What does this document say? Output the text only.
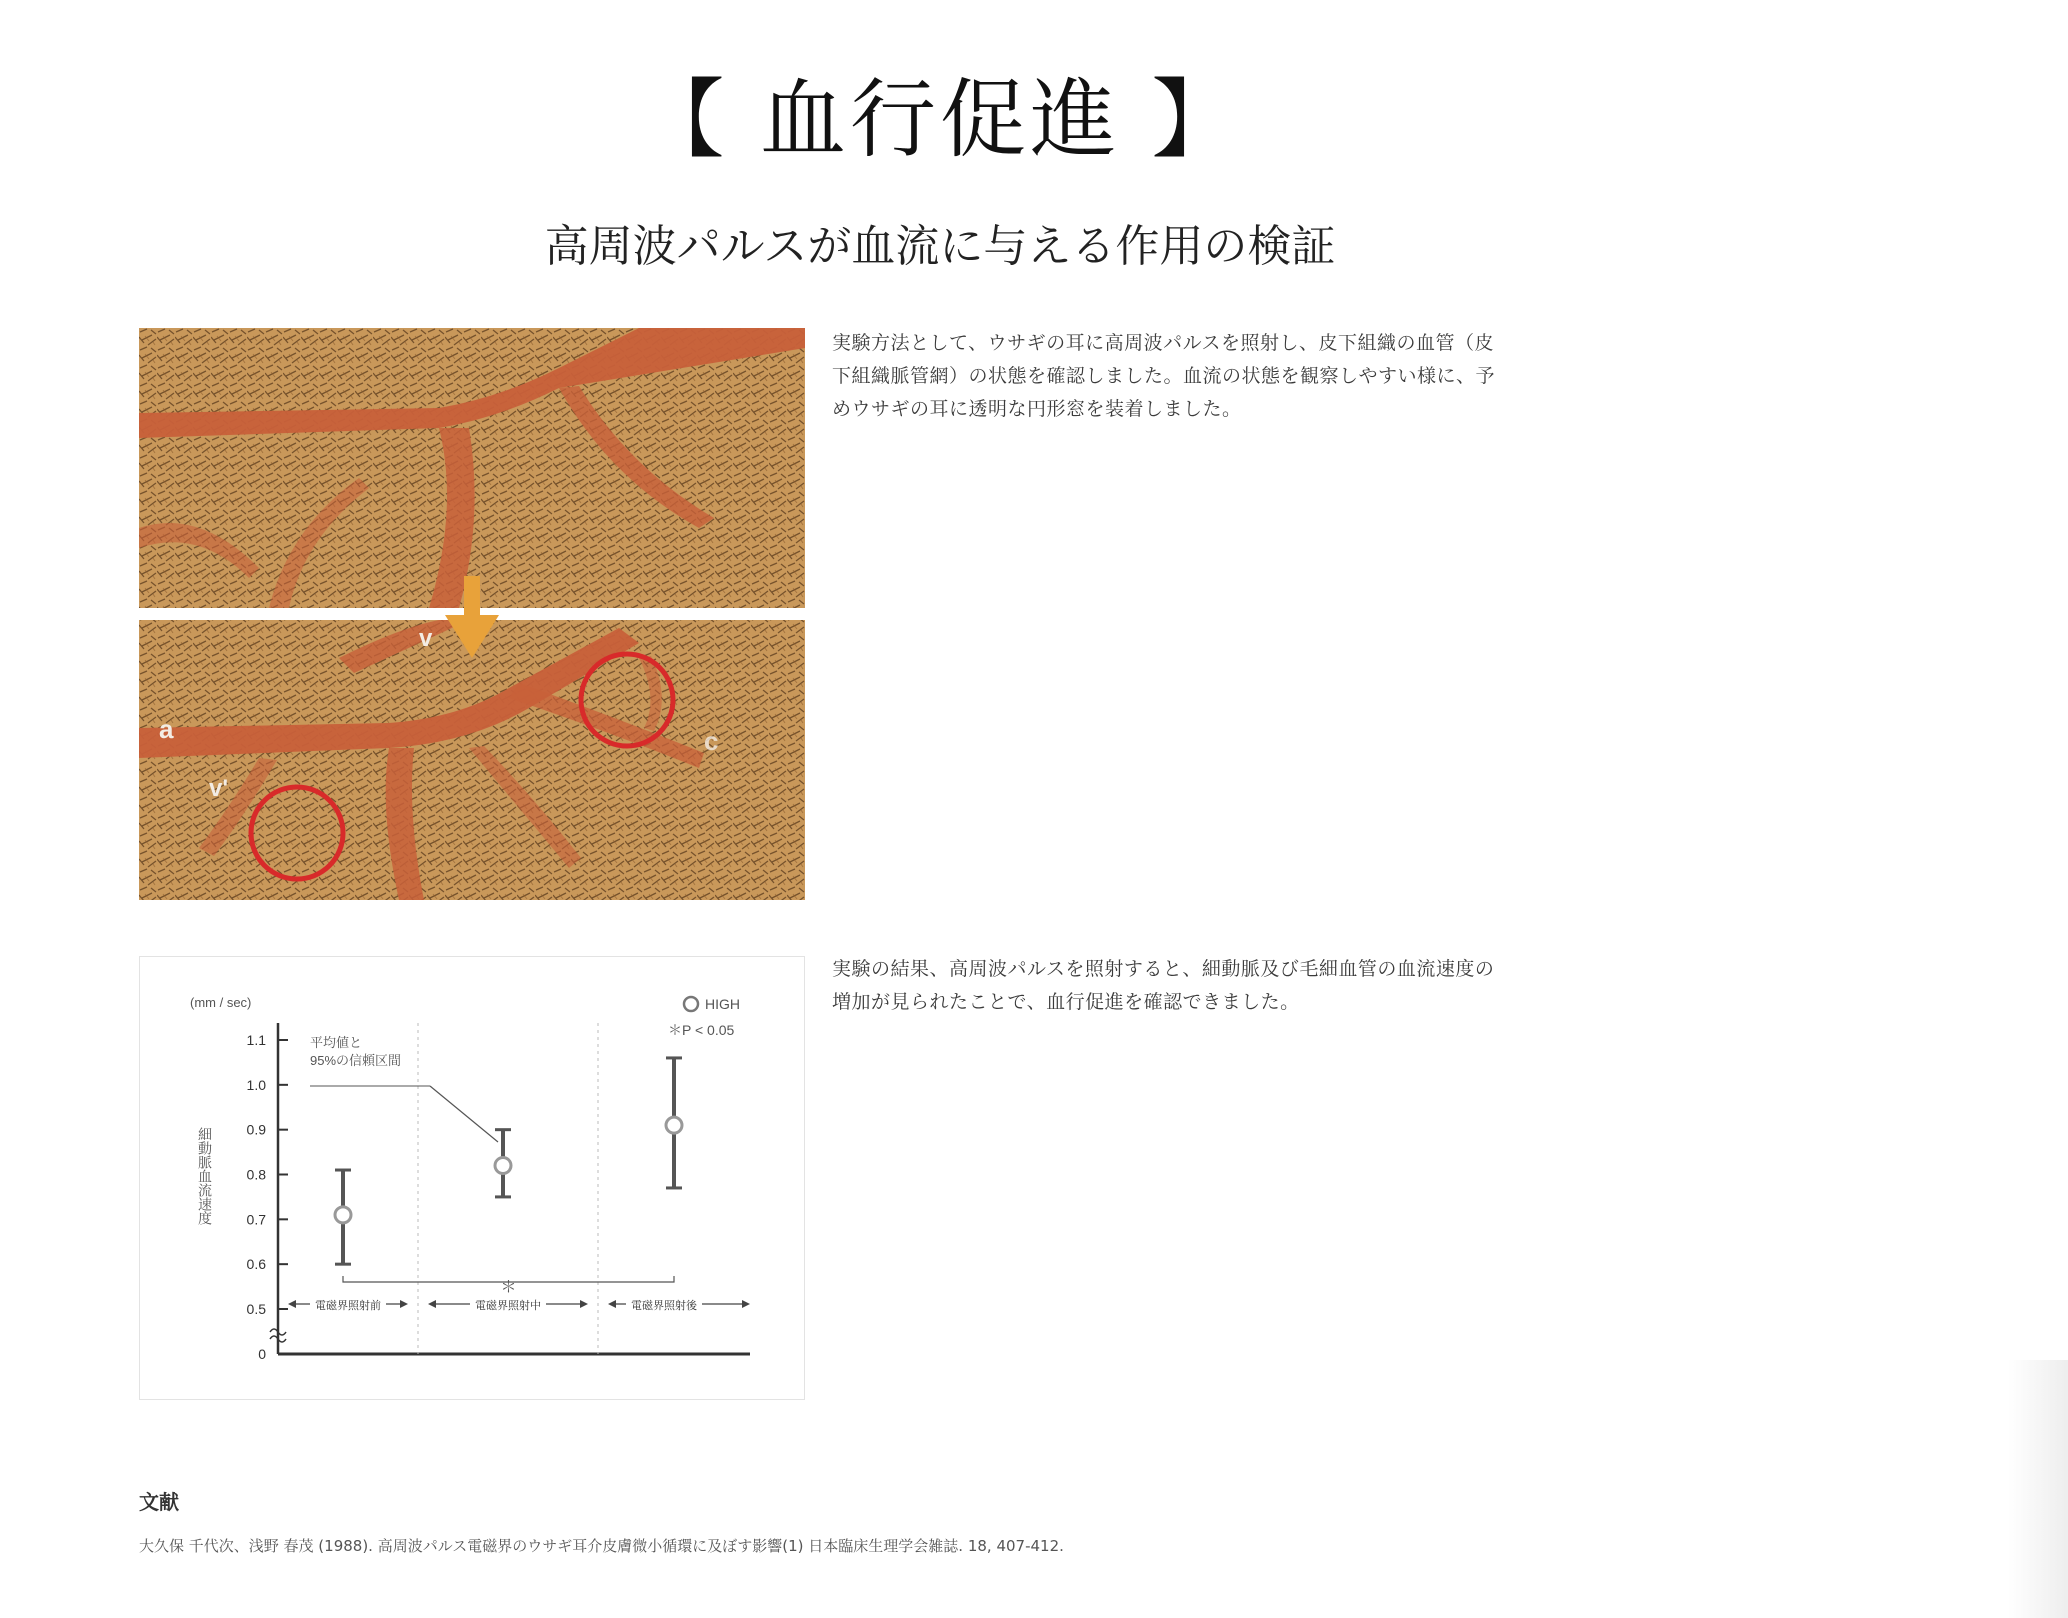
【 血行促進 】
高周波パルスが血流に与える作用の検証
a
v
v'
c
実験方法として、ウサギの耳に高周波パルスを照射し、皮下組織の血管（皮下組織脈管網）の状態を確認しました。血流の状態を観察しやすい様に、予めウサギの耳に透明な円形窓を装着しました。
(mm / sec)
細動脈血流速度
0
0.5
0.6
0.7
0.8
0.9
1.0
1.1
電磁界照射前	電磁界照射中	電磁界照射後
＊
HIGH
＊P < 0.05
平均値と 95%の信頼区間
実験の結果、高周波パルスを照射すると、細動脈及び毛細血管の血流速度の増加が見られたことで、血行促進を確認できました。
文献
大久保 千代次、浅野 春茂 (1988). 高周波パルス電磁界のウサギ耳介皮膚微小循環に及ぼす影響(1) 日本臨床生理学会雑誌. 18, 407-412.
